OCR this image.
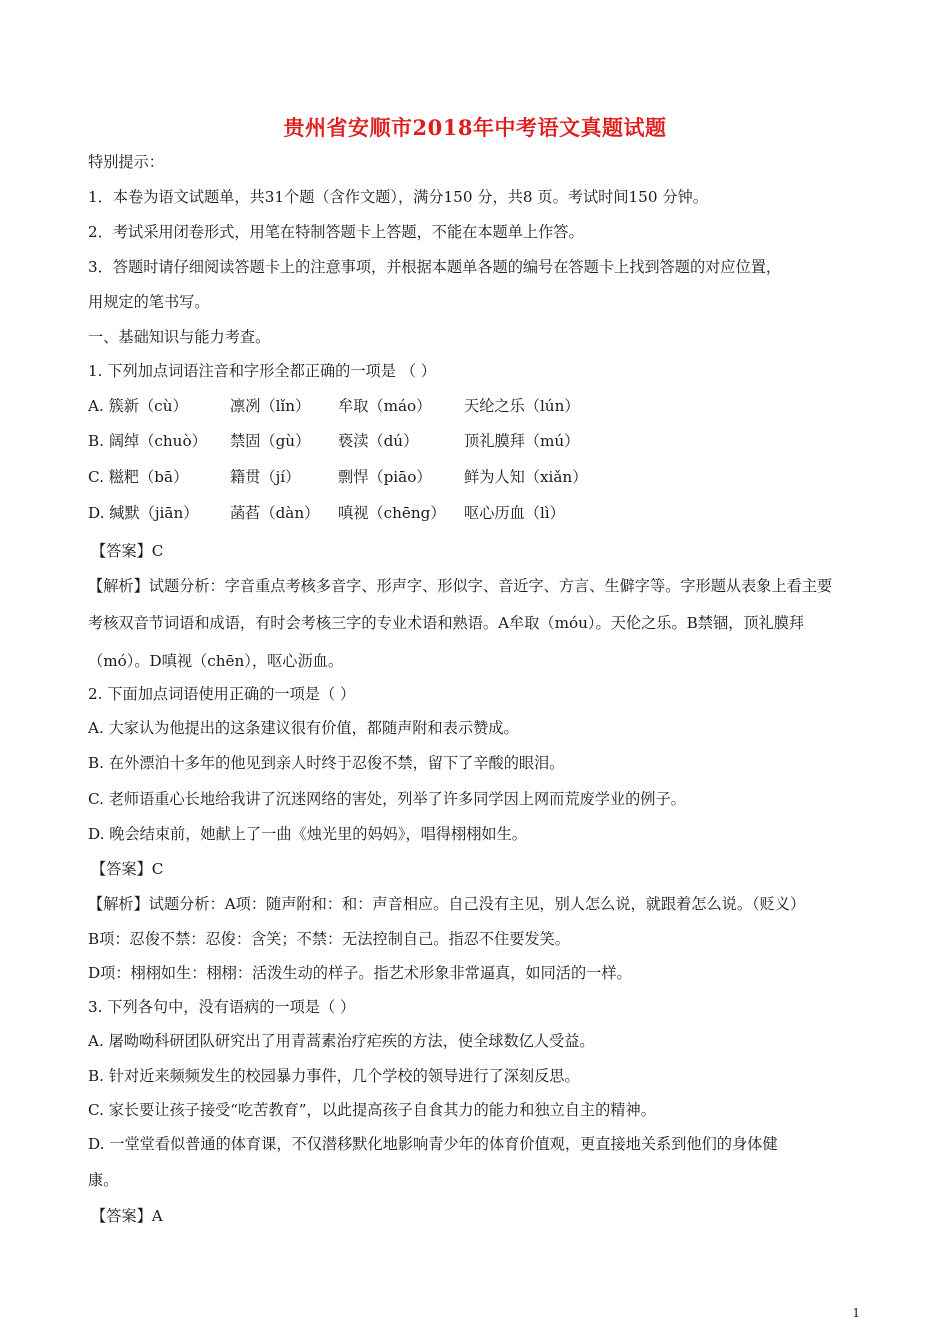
贵州省安顺市2018年中考语文真题试题
特别提示：
1．本卷为语文试题单，共31个题（含作文题），满分150 分，共8 页。考试时间150 分钟。
2．考试采用闭卷形式，用笔在特制答题卡上答题，不能在本题单上作答。
3．答题时请仔细阅读答题卡上的注意事项，并根据本题单各题的编号在答题卡上找到答题的对应位置，
用规定的笔书写。
一、基础知识与能力考查。
1. 下列加点词语注音和字形全都正确的一项是 （ ）
A. 簇新（cù）	凛冽（lǐn） 牟取（máo） 天纶之乐（lún）
B. 阔绰（chuò） 禁固（gù） 亵渎（dú）	顶礼膜拜（mú）
C. 糍粑（bā）	籍贯（jí） 剽悍（piāo） 鲜为人知（xiǎn）
D. 缄默（jiān） 菡萏（dàn） 嗔视（chēng） 呕心历血（lì）
【答案】C
【解析】试题分析：字音重点考核多音字、形声字、形似字、音近字、方言、生僻字等。字形题从表象上看主要
考核双音节词语和成语，有时会考核三字的专业术语和熟语。A牟取（móu）。天伦之乐。B禁锢，顶礼膜拜
（mó）。D嗔视（chēn），呕心沥血。
2. 下面加点词语使用正确的一项是（ ）
A. 大家认为他提出的这条建议很有价值，都随声附和表示赞成。
B. 在外漂泊十多年的他见到亲人时终于忍俊不禁，留下了辛酸的眼泪。
C. 老师语重心长地给我讲了沉迷网络的害处，列举了许多同学因上网而荒废学业的例子。
D. 晚会结束前，她献上了一曲《烛光里的妈妈》，唱得栩栩如生。
【答案】C
【解析】试题分析：A项：随声附和：和：声音相应。自己没有主见，别人怎么说，就跟着怎么说。（贬义）
B项：忍俊不禁：忍俊：含笑；不禁：无法控制自己。指忍不住要发笑。
D项：栩栩如生：栩栩：活泼生动的样子。指艺术形象非常逼真，如同活的一样。
3. 下列各句中，没有语病的一项是（ ）
A. 屠呦呦科研团队研究出了用青蒿素治疗疟疾的方法，使全球数亿人受益。
B. 针对近来频频发生的校园暴力事件，几个学校的领导进行了深刻反思。
C. 家长要让孩子接受“吃苦教育”，以此提高孩子自食其力的能力和独立自主的精神。
D. 一堂堂看似普通的体育课，不仅潜移默化地影响青少年的体育价值观，更直接地关系到他们的身体健
康。
【答案】A
1
